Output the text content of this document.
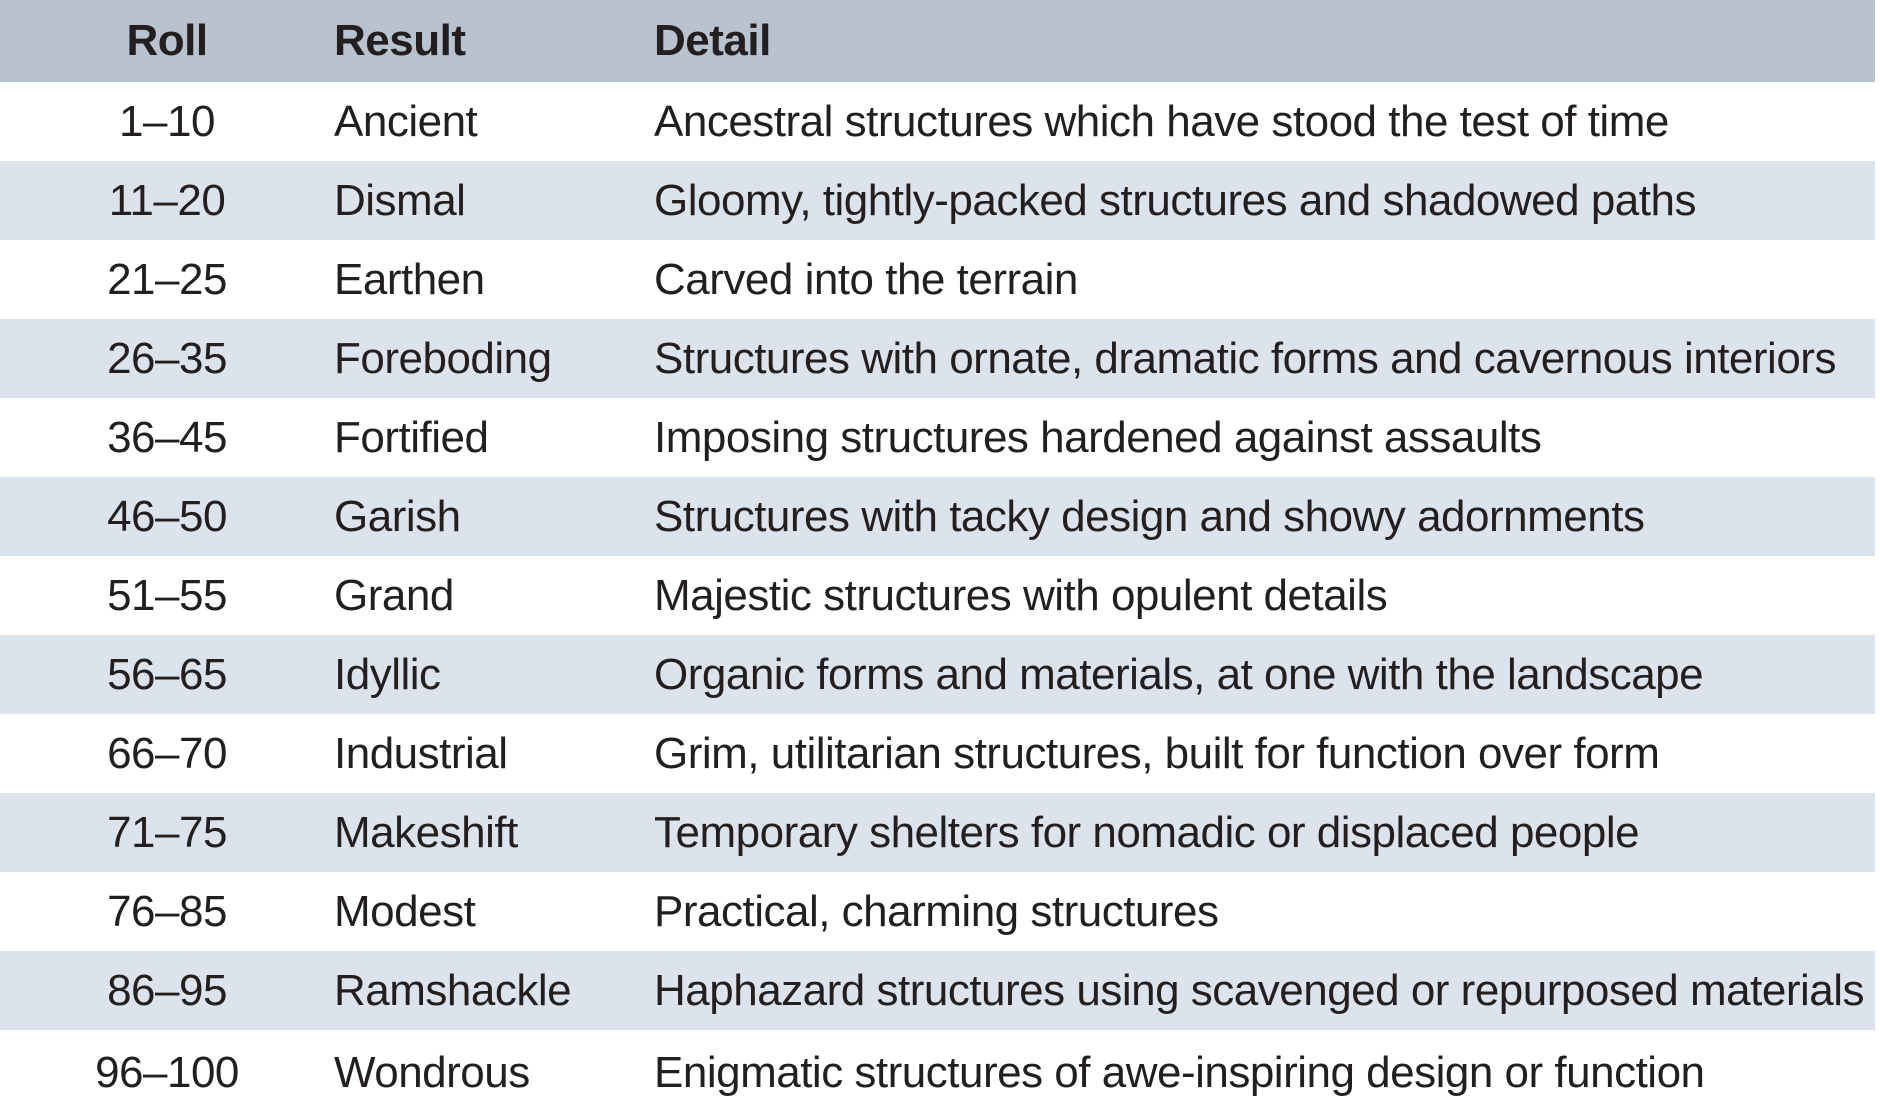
Roll	Result	Detail
1–10	Ancient	Ancestral structures which have stood the test of time
11–20	Dismal	Gloomy, tightly-packed structures and shadowed paths
21–25	Earthen	Carved into the terrain
26–35	Foreboding	Structures with ornate, dramatic forms and cavernous interiors
36–45	Fortified	Imposing structures hardened against assaults
46–50	Garish	Structures with tacky design and showy adornments
51–55	Grand	Majestic structures with opulent details
56–65	Idyllic	Organic forms and materials, at one with the landscape
66–70	Industrial	Grim, utilitarian structures, built for function over form
71–75	Makeshift	Temporary shelters for nomadic or displaced people
76–85	Modest	Practical, charming structures
86–95	Ramshackle	Haphazard structures using scavenged or repurposed materials
96–100	Wondrous	Enigmatic structures of awe-inspiring design or function
